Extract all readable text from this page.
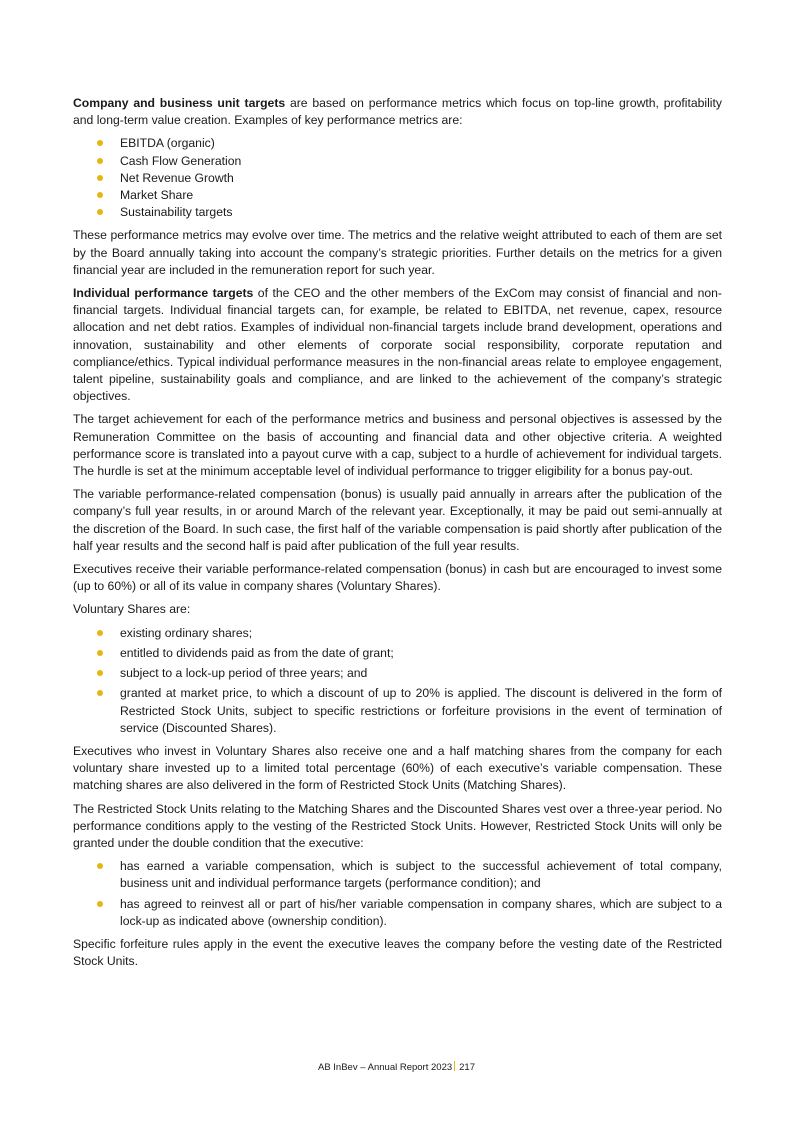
Company and business unit targets are based on performance metrics which focus on top-line growth, profitability and long-term value creation. Examples of key performance metrics are:

EBITDA (organic)
Cash Flow Generation
Net Revenue Growth
Market Share
Sustainability targets

These performance metrics may evolve over time. The metrics and the relative weight attributed to each of them are set by the Board annually taking into account the company’s strategic priorities. Further details on the metrics for a given financial year are included in the remuneration report for such year.

Individual performance targets of the CEO and the other members of the ExCom may consist of financial and non-financial targets. Individual financial targets can, for example, be related to EBITDA, net revenue, capex, resource allocation and net debt ratios. Examples of individual non-financial targets include brand development, operations and innovation, sustainability and other elements of corporate social responsibility, corporate reputation and compliance/ethics. Typical individual performance measures in the non-financial areas relate to employee engagement, talent pipeline, sustainability goals and compliance, and are linked to the achievement of the company’s strategic objectives.

The target achievement for each of the performance metrics and business and personal objectives is assessed by the Remuneration Committee on the basis of accounting and financial data and other objective criteria. A weighted performance score is translated into a payout curve with a cap, subject to a hurdle of achievement for individual targets. The hurdle is set at the minimum acceptable level of individual performance to trigger eligibility for a bonus pay-out.

The variable performance-related compensation (bonus) is usually paid annually in arrears after the publication of the company’s full year results, in or around March of the relevant year. Exceptionally, it may be paid out semi-annually at the discretion of the Board. In such case, the first half of the variable compensation is paid shortly after publication of the half year results and the second half is paid after publication of the full year results.

Executives receive their variable performance-related compensation (bonus) in cash but are encouraged to invest some (up to 60%) or all of its value in company shares (Voluntary Shares).

Voluntary Shares are:

existing ordinary shares;
entitled to dividends paid as from the date of grant;
subject to a lock-up period of three years; and
granted at market price, to which a discount of up to 20% is applied. The discount is delivered in the form of Restricted Stock Units, subject to specific restrictions or forfeiture provisions in the event of termination of service (Discounted Shares).

Executives who invest in Voluntary Shares also receive one and a half matching shares from the company for each voluntary share invested up to a limited total percentage (60%) of each executive’s variable compensation. These matching shares are also delivered in the form of Restricted Stock Units (Matching Shares).

The Restricted Stock Units relating to the Matching Shares and the Discounted Shares vest over a three-year period. No performance conditions apply to the vesting of the Restricted Stock Units. However, Restricted Stock Units will only be granted under the double condition that the executive:

has earned a variable compensation, which is subject to the successful achievement of total company, business unit and individual performance targets (performance condition); and
has agreed to reinvest all or part of his/her variable compensation in company shares, which are subject to a lock-up as indicated above (ownership condition).

Specific forfeiture rules apply in the event the executive leaves the company before the vesting date of the Restricted Stock Units.

AB InBev – Annual Report 2023 217
